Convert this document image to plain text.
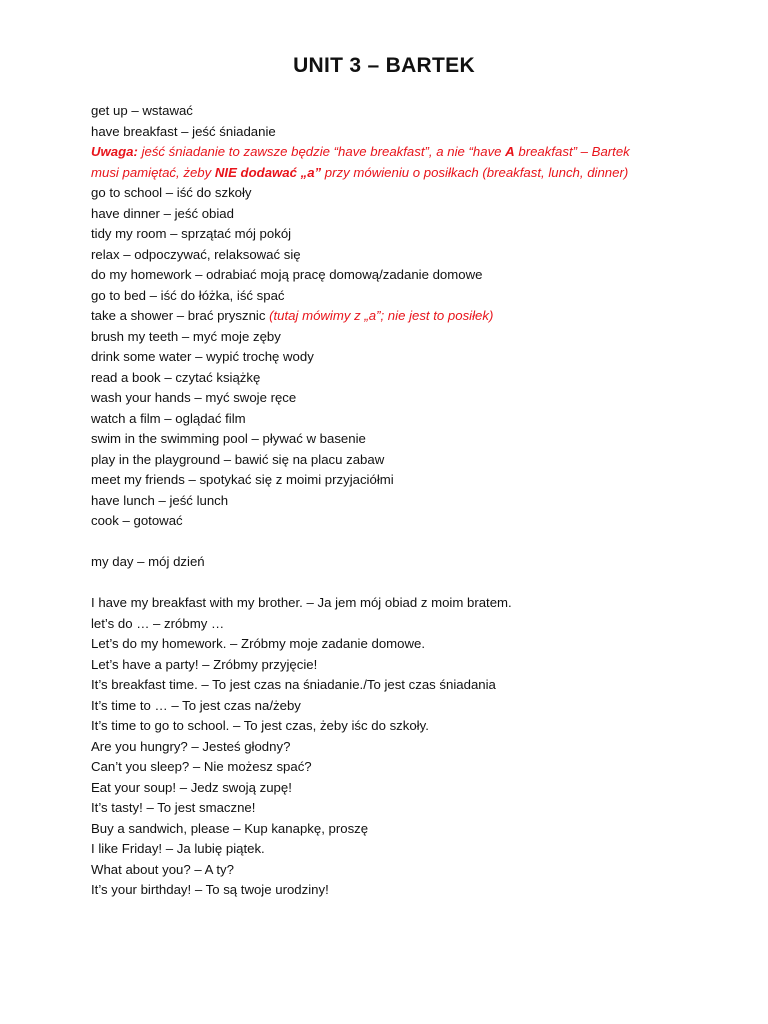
UNIT 3 – BARTEK
get up – wstawać
have breakfast – jeść śniadanie
Uwaga: jeść śniadanie to zawsze będzie “have breakfast”, a nie “have A breakfast” – Bartek
musi pamiętać, żeby NIE dodawać „a” przy mówieniu o posiłkach (breakfast, lunch, dinner)
go to school – iść do szkoły
have dinner – jeść obiad
tidy my room – sprzątać mój pokój
relax – odpoczywać, relaksować się
do my homework – odrabiać moją pracę domową/zadanie domowe
go to bed – iść do łóżka, iść spać
take a shower – brać prysznic (tutaj mówimy z „a”; nie jest to posiłek)
brush my teeth – myć moje zęby
drink some water – wypić trochę wody
read a book – czytać książkę
wash your hands – myć swoje ręce
watch a film – oglądać film
swim in the swimming pool – pływać w basenie
play in the playground – bawić się na placu zabaw
meet my friends – spotykać się z moimi przyjaciółmi
have lunch – jeść lunch
cook – gotować
my day – mój dzień
I have my breakfast with my brother. – Ja jem mój obiad z moim bratem.
let’s do … – zróbmy …
Let’s do my homework. – Zróbmy moje zadanie domowe.
Let’s have a party! – Zróbmy przyjęcie!
It’s breakfast time. – To jest czas na śniadanie./To jest czas śniadania
It’s time to … – To jest czas na/żeby
It’s time to go to school. – To jest czas, żeby iśc do szkoły.
Are you hungry? – Jesteś głodny?
Can’t you sleep? – Nie możesz spać?
Eat your soup! – Jedz swoją zupę!
It’s tasty! – To jest smaczne!
Buy a sandwich, please – Kup kanapkę, proszę
I like Friday! – Ja lubię piątek.
What about you? – A ty?
It’s your birthday! – To są twoje urodziny!
